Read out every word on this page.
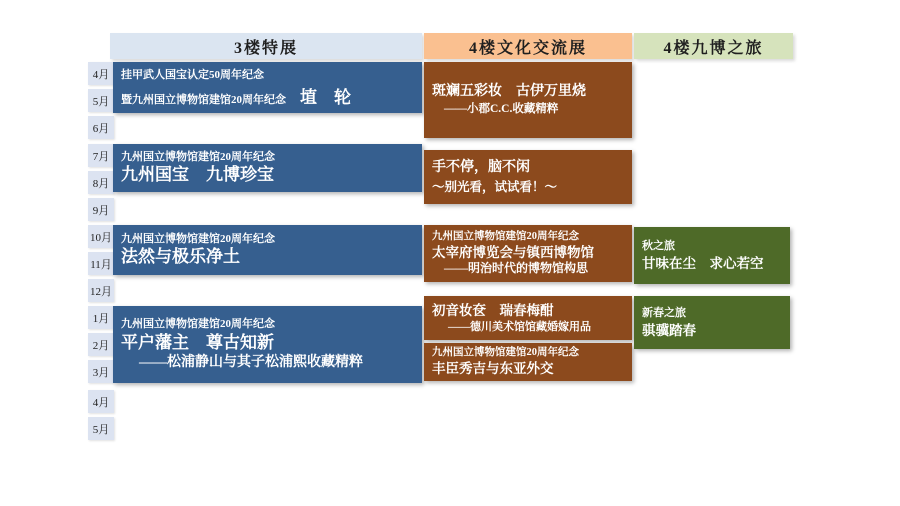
3楼特展	4楼文化交流展	4楼九博之旅
4月
5月
6月
7月
8月
9月
10月
11月
12月
1月
2月
3月
4月
5月
挂甲武人国宝认定50周年纪念
暨九州国立博物馆建馆20周年纪念 埴　轮
九州国立博物馆建馆20周年纪念
九州国宝　九博珍宝
九州国立博物馆建馆20周年纪念
法然与极乐净土
九州国立博物馆建馆20周年纪念
平户藩主　尊古知新
——松浦静山与其子松浦熙收藏精粹
斑斓五彩妆　古伊万里烧
——小郡C.C.收藏精粹
手不停，脑不闲
～别光看，试试看！～
九州国立博物馆建馆20周年纪念
太宰府博览会与镇西博物馆
——明治时代的博物馆构思
初音妆奁　瑞春梅酣
——德川美术馆馆藏婚嫁用品
九州国立博物馆建馆20周年纪念
丰臣秀吉与东亚外交
秋之旅
甘味在尘　求心若空
新春之旅
骐骥踏春
